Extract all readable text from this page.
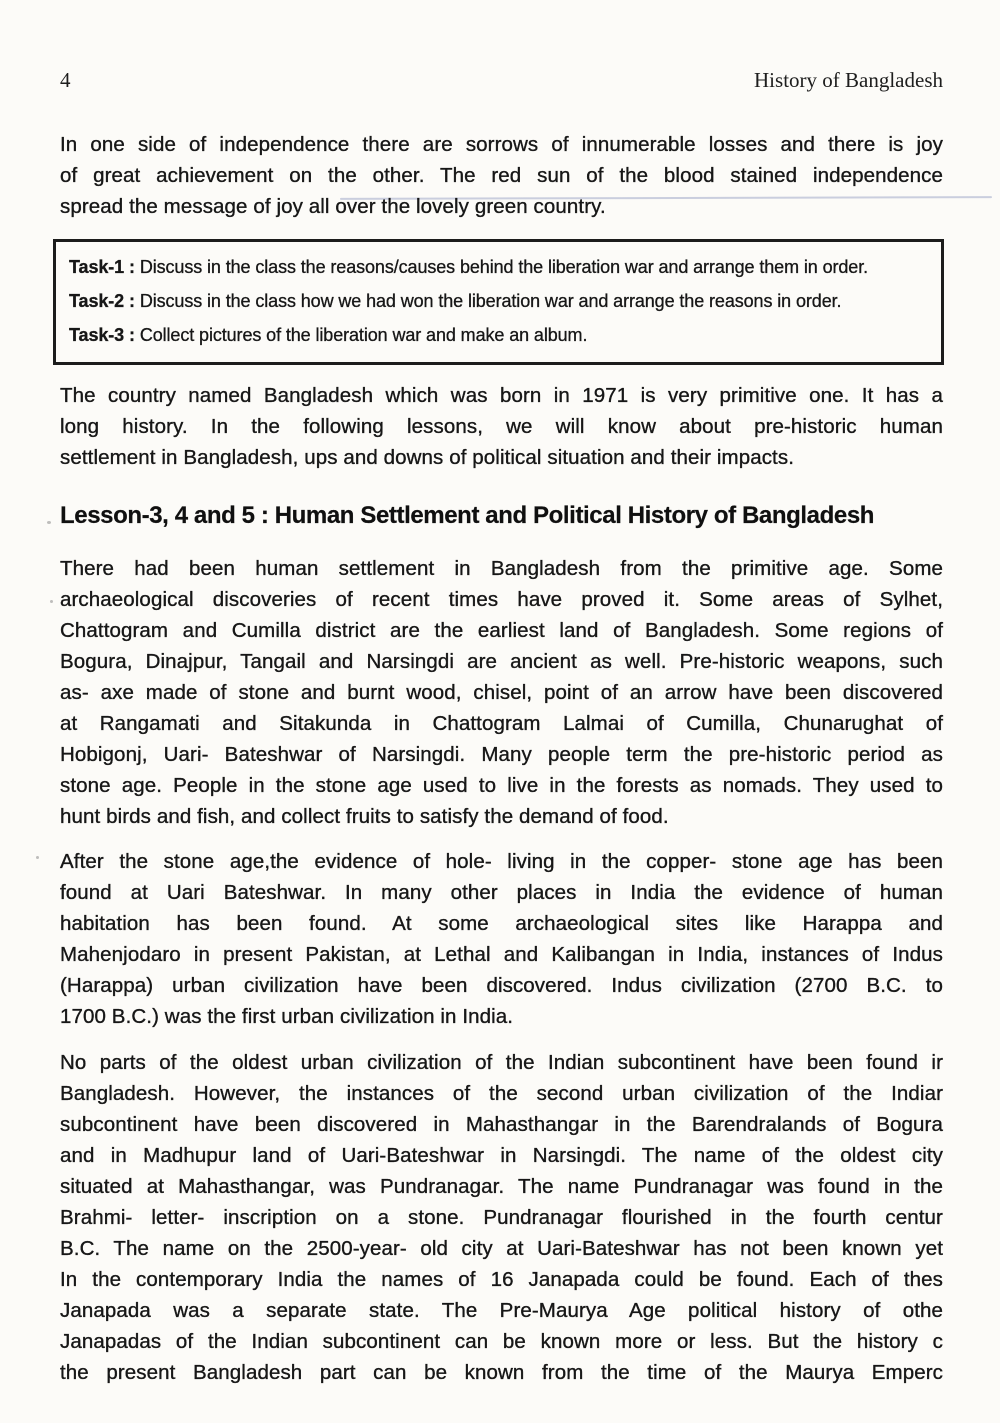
4	History of Bangladesh
In one side of independence there are sorrows of innumerable losses and there is joy
of great achievement on the other. The red sun of the blood stained independence
spread the message of joy all over the lovely green country.
Task-1 : Discuss in the class the reasons/causes behind the liberation war and arrange them in order.
Task-2 : Discuss in the class how we had won the liberation war and arrange the reasons in order.
Task-3 : Collect pictures of the liberation war and make an album.
The country named Bangladesh which was born in 1971 is very primitive one. It has a
long history. In the following lessons, we will know about pre-historic human
settlement in Bangladesh, ups and downs of political situation and their impacts.
Lesson-3, 4 and 5 : Human Settlement and Political History of Bangladesh
There had been human settlement in Bangladesh from the primitive age. Some
archaeological discoveries of recent times have proved it. Some areas of Sylhet,
Chattogram and Cumilla district are the earliest land of Bangladesh. Some regions of
Bogura, Dinajpur, Tangail and Narsingdi are ancient as well. Pre-historic weapons, such
as- axe made of stone and burnt wood, chisel, point of an arrow have been discovered
at Rangamati and Sitakunda in Chattogram Lalmai of Cumilla, Chunarughat of
Hobigonj, Uari- Bateshwar of Narsingdi. Many people term the pre-historic period as
stone age. People in the stone age used to live in the forests as nomads. They used to
hunt birds and fish, and collect fruits to satisfy the demand of food.
After the stone age,the evidence of hole- living in the copper- stone age has been
found at Uari Bateshwar. In many other places in India the evidence of human
habitation has been found. At some archaeological sites like Harappa and
Mahenjodaro in present Pakistan, at Lethal and Kalibangan in India, instances of Indus
(Harappa) urban civilization have been discovered. Indus civilization (2700 B.C. to
1700 B.C.) was the first urban civilization in India.
No parts of the oldest urban civilization of the Indian subcontinent have been found ir
Bangladesh. However, the instances of the second urban civilization of the Indiar
subcontinent have been discovered in Mahasthangar in the Barendralands of Bogura
and in Madhupur land of Uari-Bateshwar in Narsingdi. The name of the oldest city
situated at Mahasthangar, was Pundranagar. The name Pundranagar was found in the
Brahmi- letter- inscription on a stone. Pundranagar flourished in the fourth centur
B.C. The name on the 2500-year- old city at Uari-Bateshwar has not been known yet
In the contemporary India the names of 16 Janapada could be found. Each of thes
Janapada was a separate state. The Pre-Maurya Age political history of othe
Janapadas of the Indian subcontinent can be known more or less. But the history c
the present Bangladesh part can be known from the time of the Maurya Emperc
